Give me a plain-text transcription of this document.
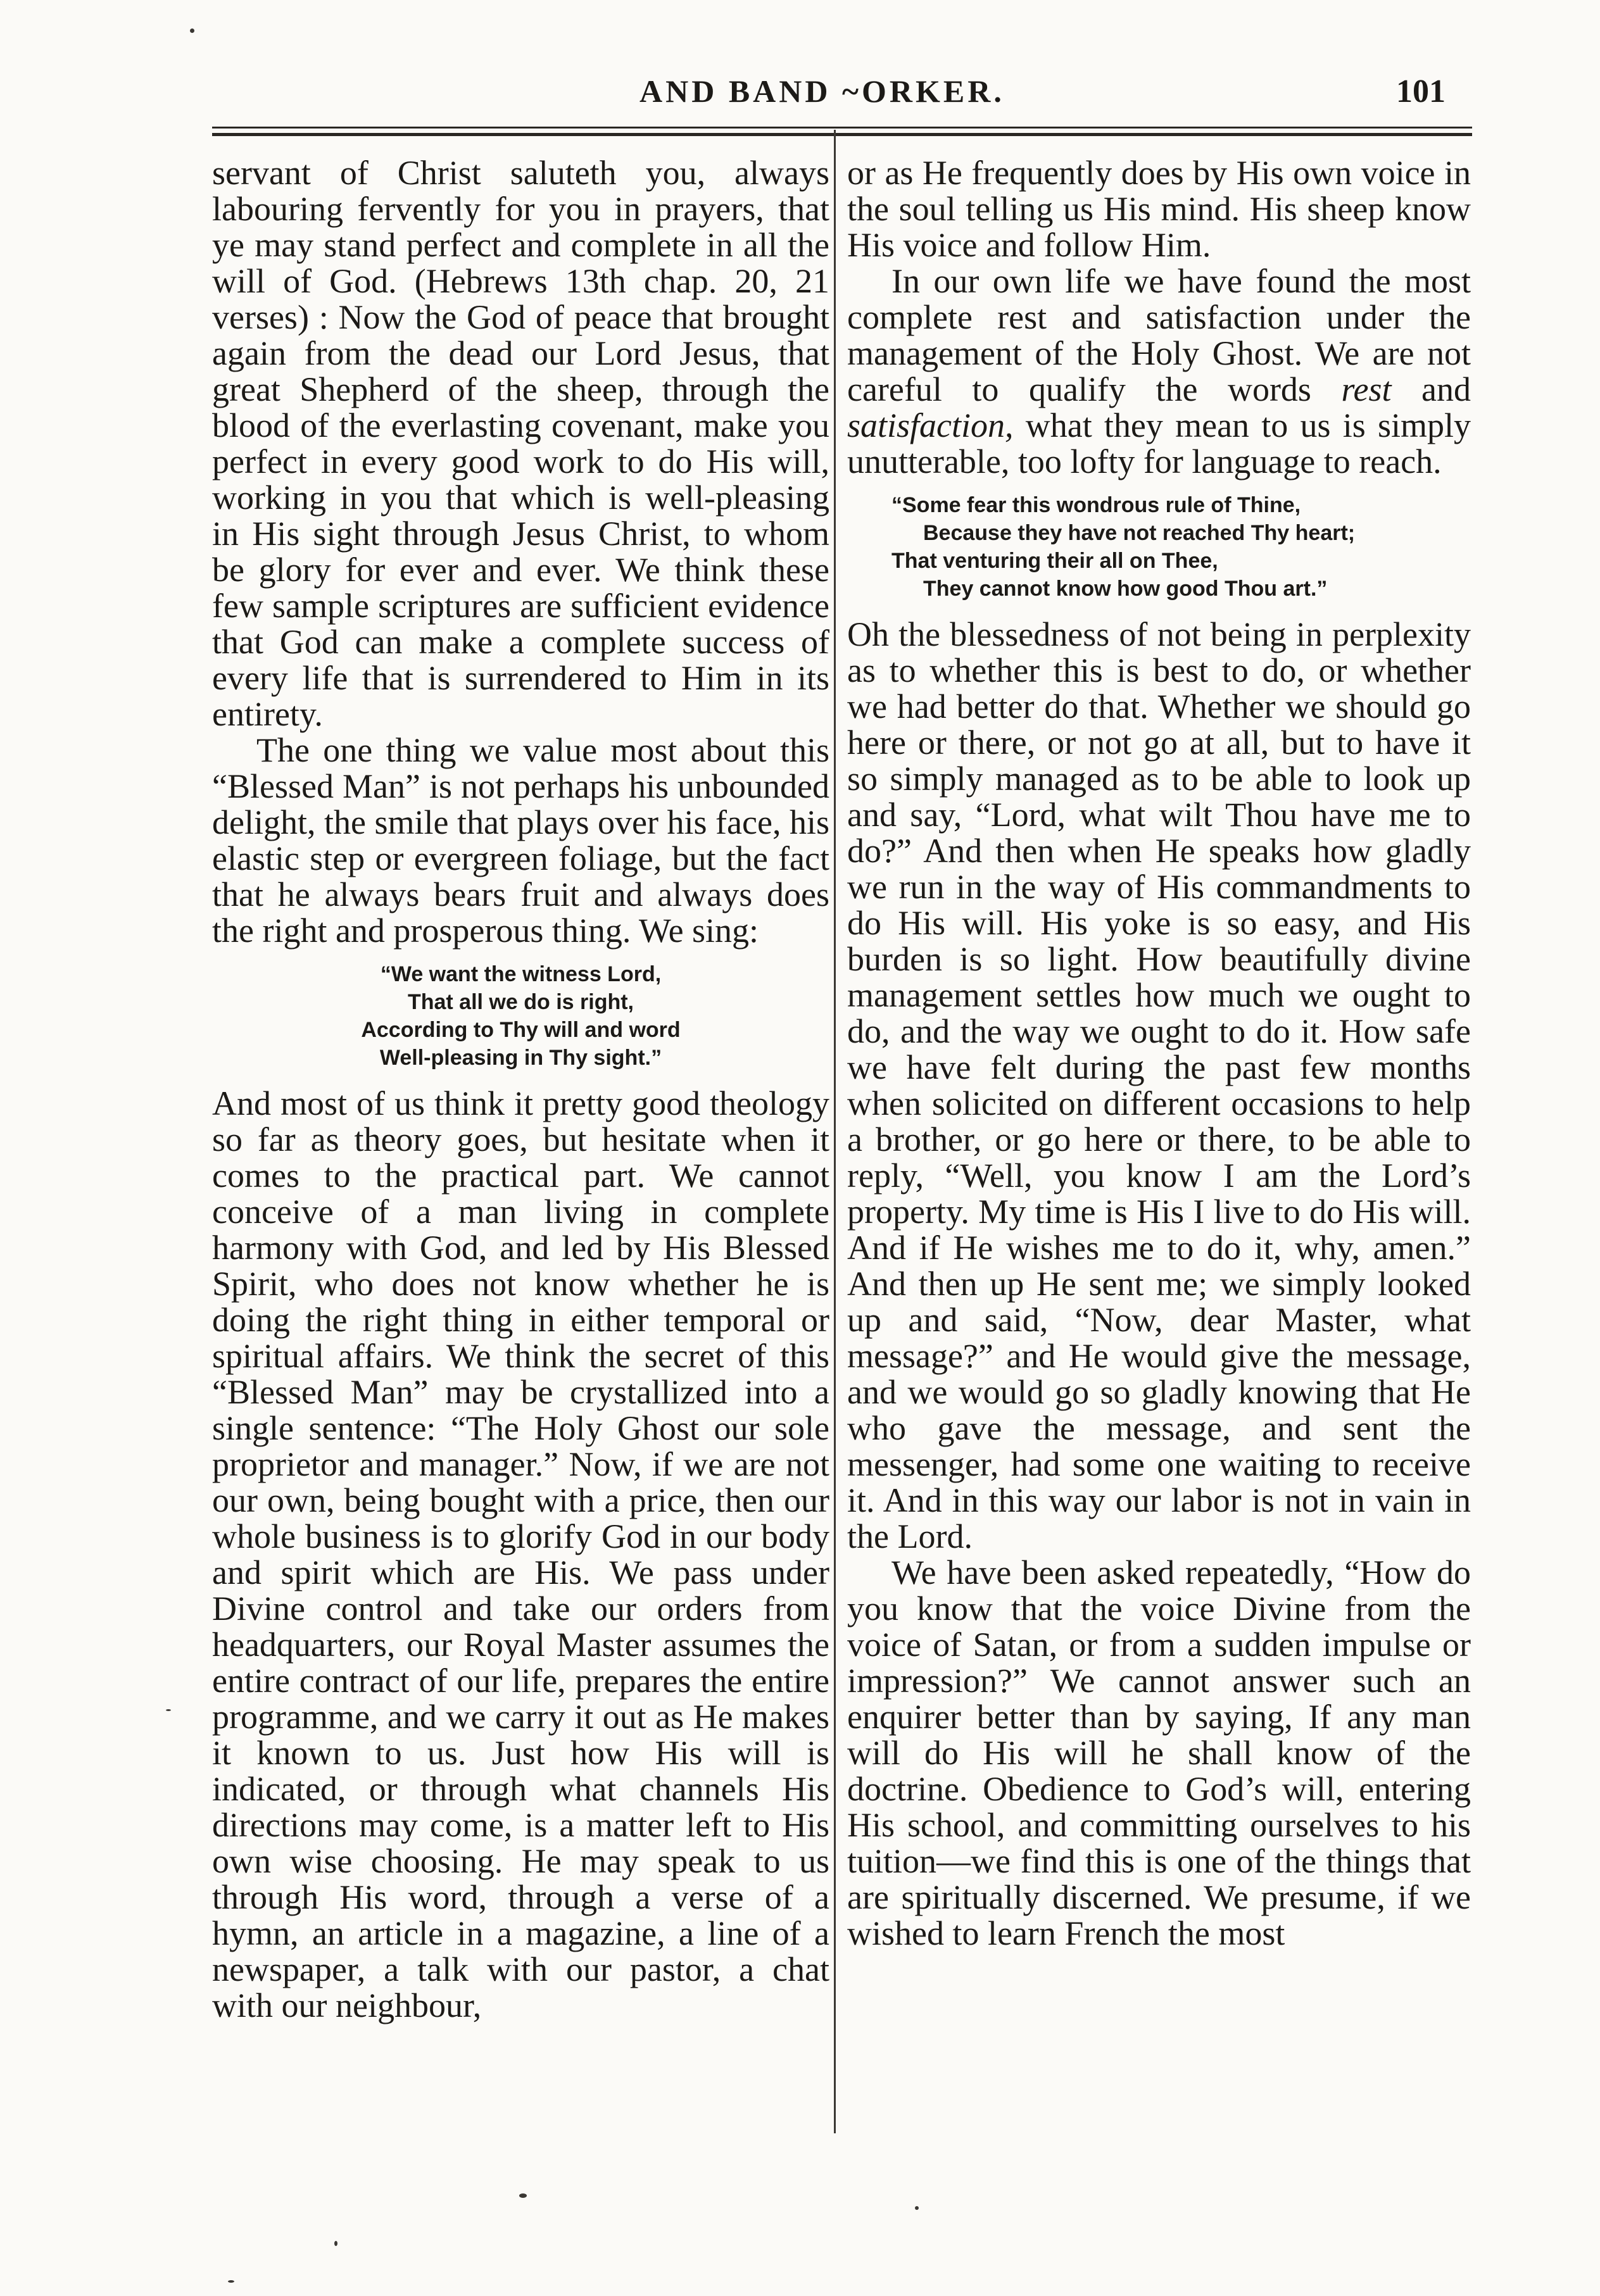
AND BAND ~ORKER.	101

servant of Christ saluteth you, always labouring fervently for you in prayers, that ye may stand perfect and complete in all the will of God. (Hebrews 13th chap. 20, 21 verses) : Now the God of peace that brought again from the dead our Lord Jesus, that great Shepherd of the sheep, through the blood of the everlasting covenant, make you perfect in every good work to do His will, working in you that which is well-pleasing in His sight through Jesus Christ, to whom be glory for ever and ever. We think these few sample scriptures are sufficient evidence that God can make a complete success of every life that is surrendered to Him in its entirety.

The one thing we value most about this “Blessed Man” is not perhaps his unbounded delight, the smile that plays over his face, his elastic step or evergreen foliage, but the fact that he always bears fruit and always does the right and prosperous thing. We sing:

“We want the witness Lord,
That all we do is right,
According to Thy will and word
Well-pleasing in Thy sight.”

And most of us think it pretty good theology so far as theory goes, but hesitate when it comes to the practical part. We cannot conceive of a man living in complete harmony with God, and led by His Blessed Spirit, who does not know whether he is doing the right thing in either temporal or spiritual affairs. We think the secret of this “Blessed Man” may be crystallized into a single sentence: “The Holy Ghost our sole proprietor and manager.” Now, if we are not our own, being bought with a price, then our whole business is to glorify God in our body and spirit which are His. We pass under Divine control and take our orders from headquarters, our Royal Master assumes the entire contract of our life, prepares the entire programme, and we carry it out as He makes it known to us. Just how His will is indicated, or through what channels His directions may come, is a matter left to His own wise choosing. He may speak to us through His word, through a verse of a hymn, an article in a magazine, a line of a newspaper, a talk with our pastor, a chat with our neighbour,

or as He frequently does by His own voice in the soul telling us His mind. His sheep know His voice and follow Him.

In our own life we have found the most complete rest and satisfaction under the management of the Holy Ghost. We are not careful to qualify the words rest and satisfaction, what they mean to us is simply unutterable, too lofty for language to reach.

“Some fear this wondrous rule of Thine,
Because they have not reached Thy heart;
That venturing their all on Thee,
They cannot know how good Thou art.”

Oh the blessedness of not being in perplexity as to whether this is best to do, or whether we had better do that. Whether we should go here or there, or not go at all, but to have it so simply managed as to be able to look up and say, “Lord, what wilt Thou have me to do?” And then when He speaks how gladly we run in the way of His commandments to do His will. His yoke is so easy, and His burden is so light. How beautifully divine management settles how much we ought to do, and the way we ought to do it. How safe we have felt during the past few months when solicited on different occasions to help a brother, or go here or there, to be able to reply, “Well, you know I am the Lord’s property. My time is His I live to do His will. And if He wishes me to do it, why, amen.” And then up He sent me; we simply looked up and said, “Now, dear Master, what message?” and He would give the message, and we would go so gladly knowing that He who gave the message, and sent the messenger, had some one waiting to receive it. And in this way our labor is not in vain in the Lord.

We have been asked repeatedly, “How do you know that the voice Divine from the voice of Satan, or from a sudden impulse or impression?” We cannot answer such an enquirer better than by saying, If any man will do His will he shall know of the doctrine. Obedience to God’s will, entering His school, and committing ourselves to his tuition—we find this is one of the things that are spiritually discerned. We presume, if we wished to learn French the most
